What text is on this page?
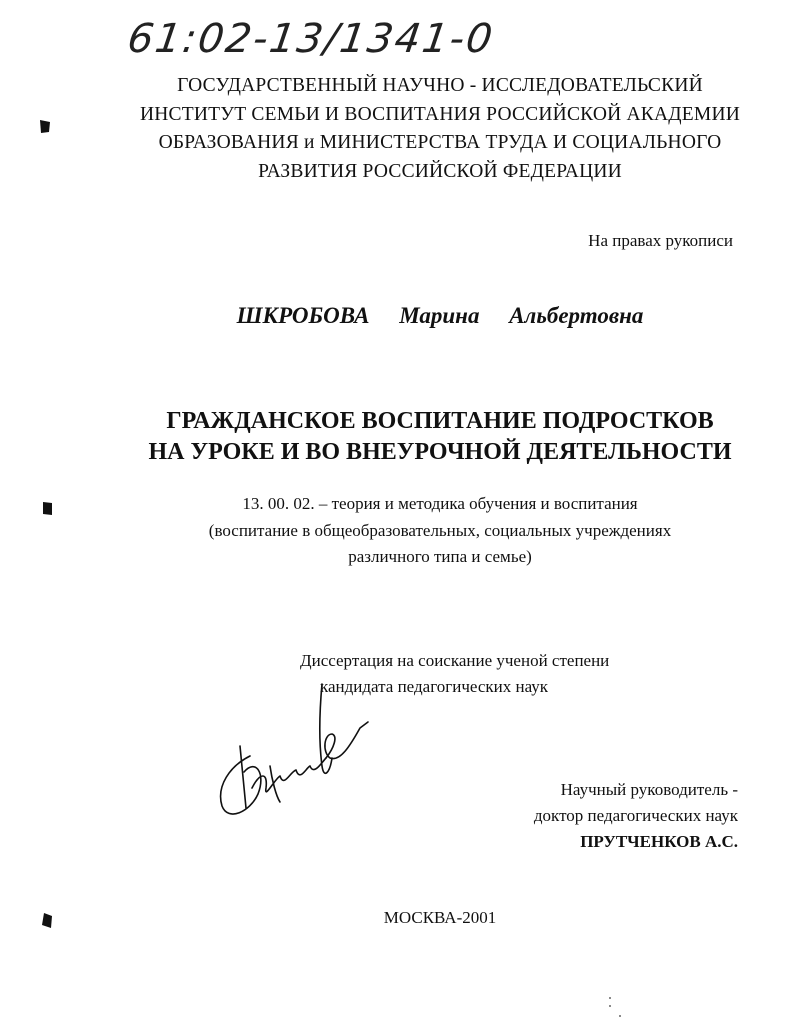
61:02-13/1341-0
ГОСУДАРСТВЕННЫЙ НАУЧНО - ИССЛЕДОВАТЕЛЬСКИЙ
ИНСТИТУТ СЕМЬИ И ВОСПИТАНИЯ РОССИЙСКОЙ АКАДЕМИИ
ОБРАЗОВАНИЯ и МИНИСТЕРСТВА ТРУДА И СОЦИАЛЬНОГО
РАЗВИТИЯ РОССИЙСКОЙ ФЕДЕРАЦИИ
На правах рукописи
ШКРОБОВА Марина Альбертовна
ГРАЖДАНСКОЕ ВОСПИТАНИЕ ПОДРОСТКОВ
НА УРОКЕ И ВО ВНЕУРОЧНОЙ ДЕЯТЕЛЬНОСТИ
13. 00. 02. – теория и методика обучения и воспитания
(воспитание в общеобразовательных, социальных учреждениях
различного типа и семье)
Диссертация на соискание ученой степени
кандидата педагогических наук
Научный руководитель -
доктор педагогических наук
ПРУТЧЕНКОВ А.С.
МОСКВА-2001
